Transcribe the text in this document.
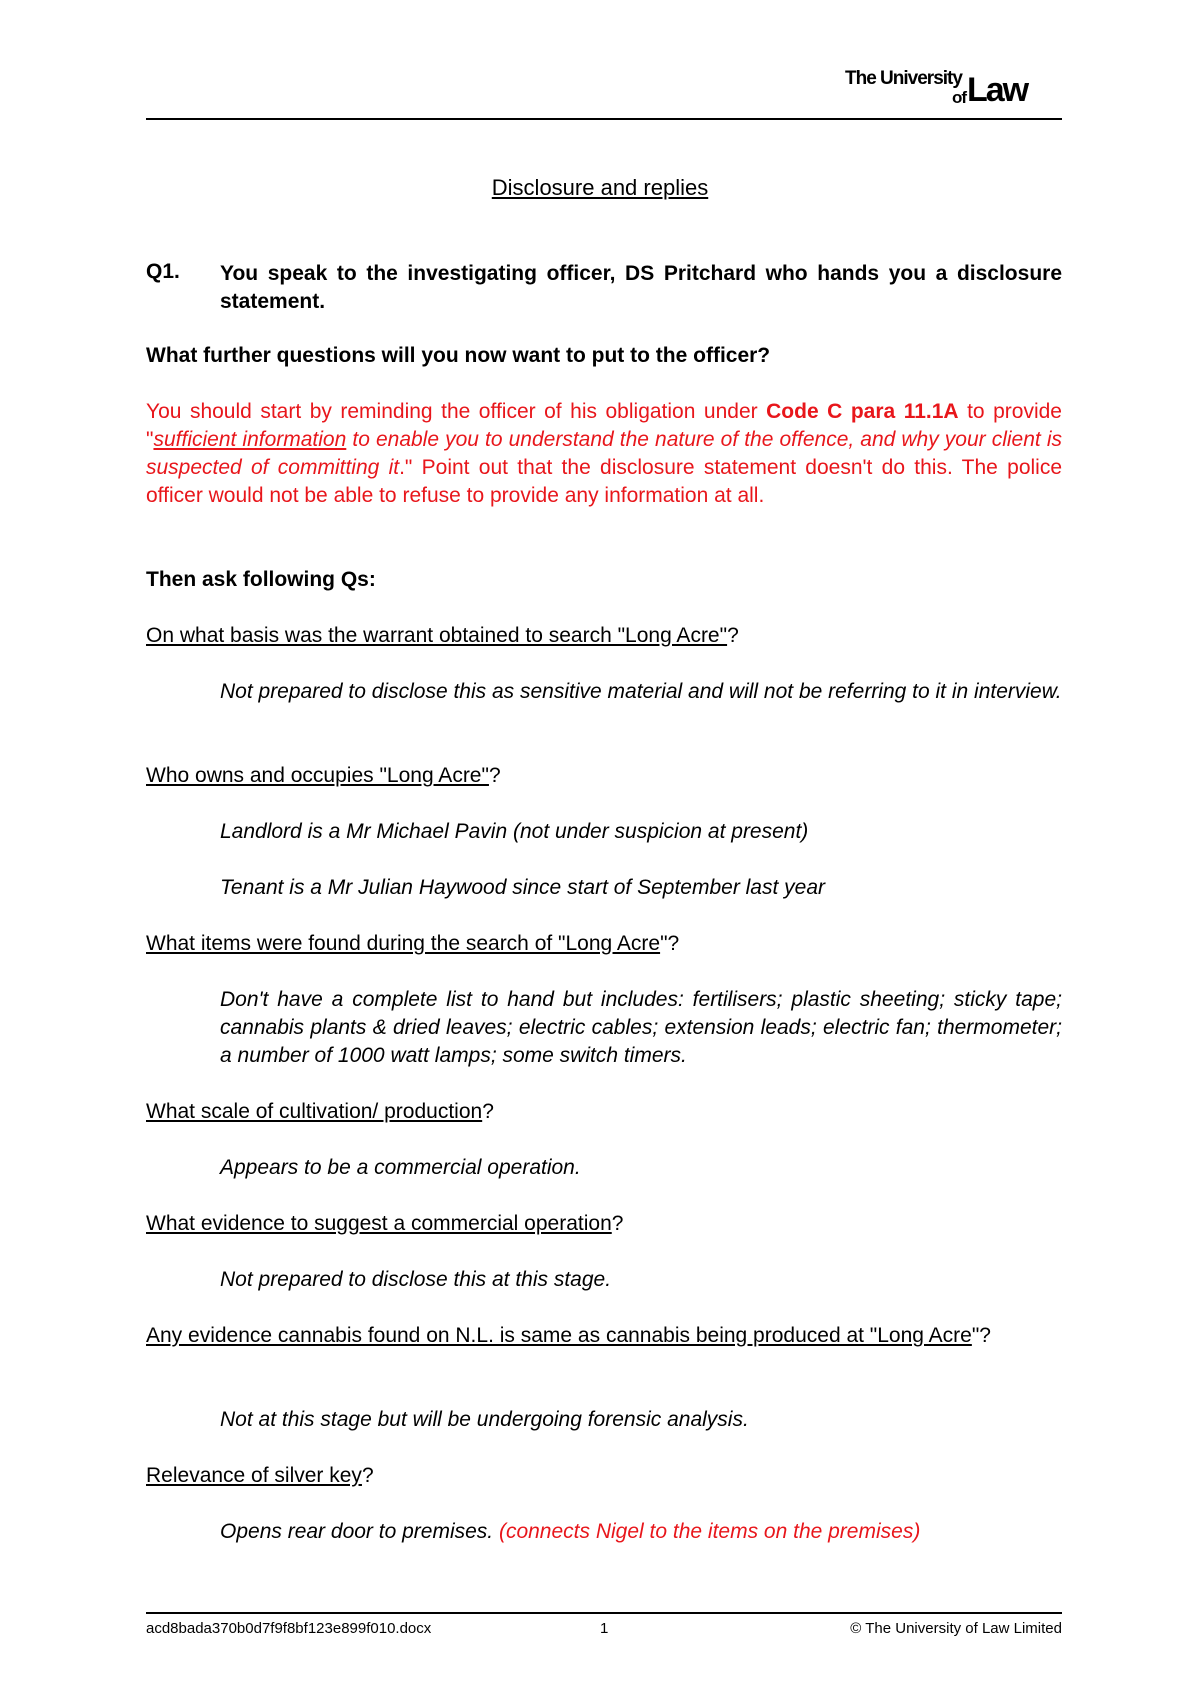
The University
of Law
Disclosure and replies
Q1. You speak to the investigating officer, DS Pritchard who hands you a disclosure statement.
What further questions will you now want to put to the officer?
You should start by reminding the officer of his obligation under Code C para 11.1A to provide "sufficient information to enable you to understand the nature of the offence, and why your client is suspected of committing it." Point out that the disclosure statement doesn't do this. The police officer would not be able to refuse to provide any information at all.
Then ask following Qs:
On what basis was the warrant obtained to search "Long Acre"?
Not prepared to disclose this as sensitive material and will not be referring to it in interview.
Who owns and occupies "Long Acre"?
Landlord is a Mr Michael Pavin (not under suspicion at present)
Tenant is a Mr Julian Haywood since start of September last year
What items were found during the search of "Long Acre"?
Don't have a complete list to hand but includes: fertilisers; plastic sheeting; sticky tape; cannabis plants & dried leaves; electric cables; extension leads; electric fan; thermometer; a number of 1000 watt lamps; some switch timers.
What scale of cultivation/ production?
Appears to be a commercial operation.
What evidence to suggest a commercial operation?
Not prepared to disclose this at this stage.
Any evidence cannabis found on N.L. is same as cannabis being produced at "Long Acre"?
Not at this stage but will be undergoing forensic analysis.
Relevance of silver key?
Opens rear door to premises. (connects Nigel to the items on the premises)
acd8bada370b0d7f9f8bf123e899f010.docx	1	© The University of Law Limited
